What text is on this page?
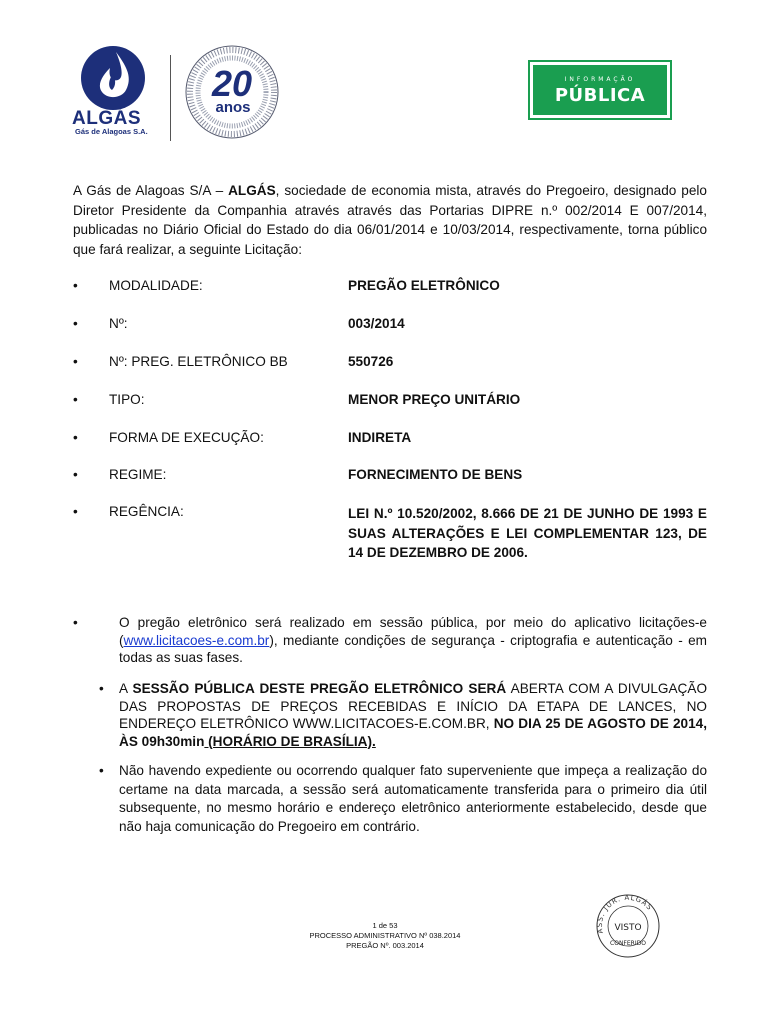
ALGÁS
Gás de Alagoas S.A.
20
anos
INFORMAÇÃO
PÚBLICA
A Gás de Alagoas S/A – ALGÁS, sociedade de economia mista, através do Pregoeiro, designado pelo Diretor Presidente da Companhia através através das Portarias DIPRE n.º 002/2014 E 007/2014, publicadas no Diário Oficial do Estado do dia 06/01/2014 e 10/03/2014, respectivamente, torna público que fará realizar, a seguinte Licitação:
• MODALIDADE:	PREGÃO ELETRÔNICO
• Nº:	003/2014
• Nº: PREG. ELETRÔNICO BB	550726
• TIPO:	MENOR PREÇO UNITÁRIO
• FORMA DE EXECUÇÃO:	INDIRETA
• REGIME:	FORNECIMENTO DE BENS
• REGÊNCIA:	LEI N.º 10.520/2002, 8.666 DE 21 DE JUNHO DE 1993 E SUAS ALTERAÇÕES E LEI COMPLEMENTAR 123, DE 14 DE DEZEMBRO DE 2006.
•	O pregão eletrônico será realizado em sessão pública, por meio do aplicativo licitações-e (www.licitacoes-e.com.br), mediante condições de segurança - criptografia e autenticação - em todas as suas fases.
• A SESSÃO PÚBLICA DESTE PREGÃO ELETRÔNICO SERÁ ABERTA COM A DIVULGAÇÃO DAS PROPOSTAS DE PREÇOS RECEBIDAS E INÍCIO DA ETAPA DE LANCES, NO ENDEREÇO ELETRÔNICO WWW.LICITACOES-E.COM.BR, NO DIA 25 DE AGOSTO DE 2014, ÀS 09h30min (HORÁRIO DE BRASÍLIA).
• Não havendo expediente ou ocorrendo qualquer fato superveniente que impeça a realização do certame na data marcada, a sessão será automaticamente transferida para o primeiro dia útil subsequente, no mesmo horário e endereço eletrônico anteriormente estabelecido, desde que não haja comunicação do Pregoeiro em contrário.
1 de 53
PROCESSO ADMINISTRATIVO Nº 038.2014
PREGÃO Nº. 003.2014
ASS. JUR. ALGÁS
VISTO
CONFERIDO
